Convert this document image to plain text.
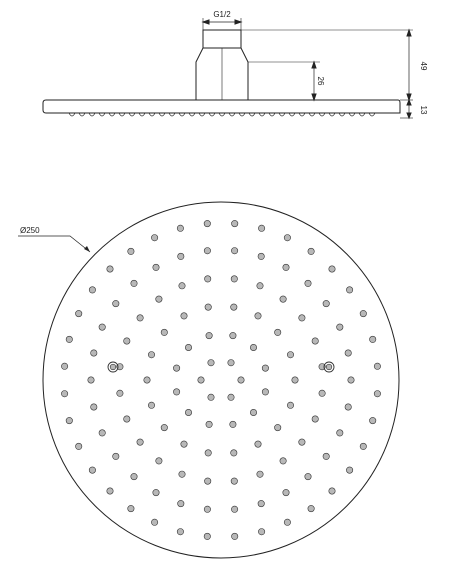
G1/2
49
26
13
Ø250
